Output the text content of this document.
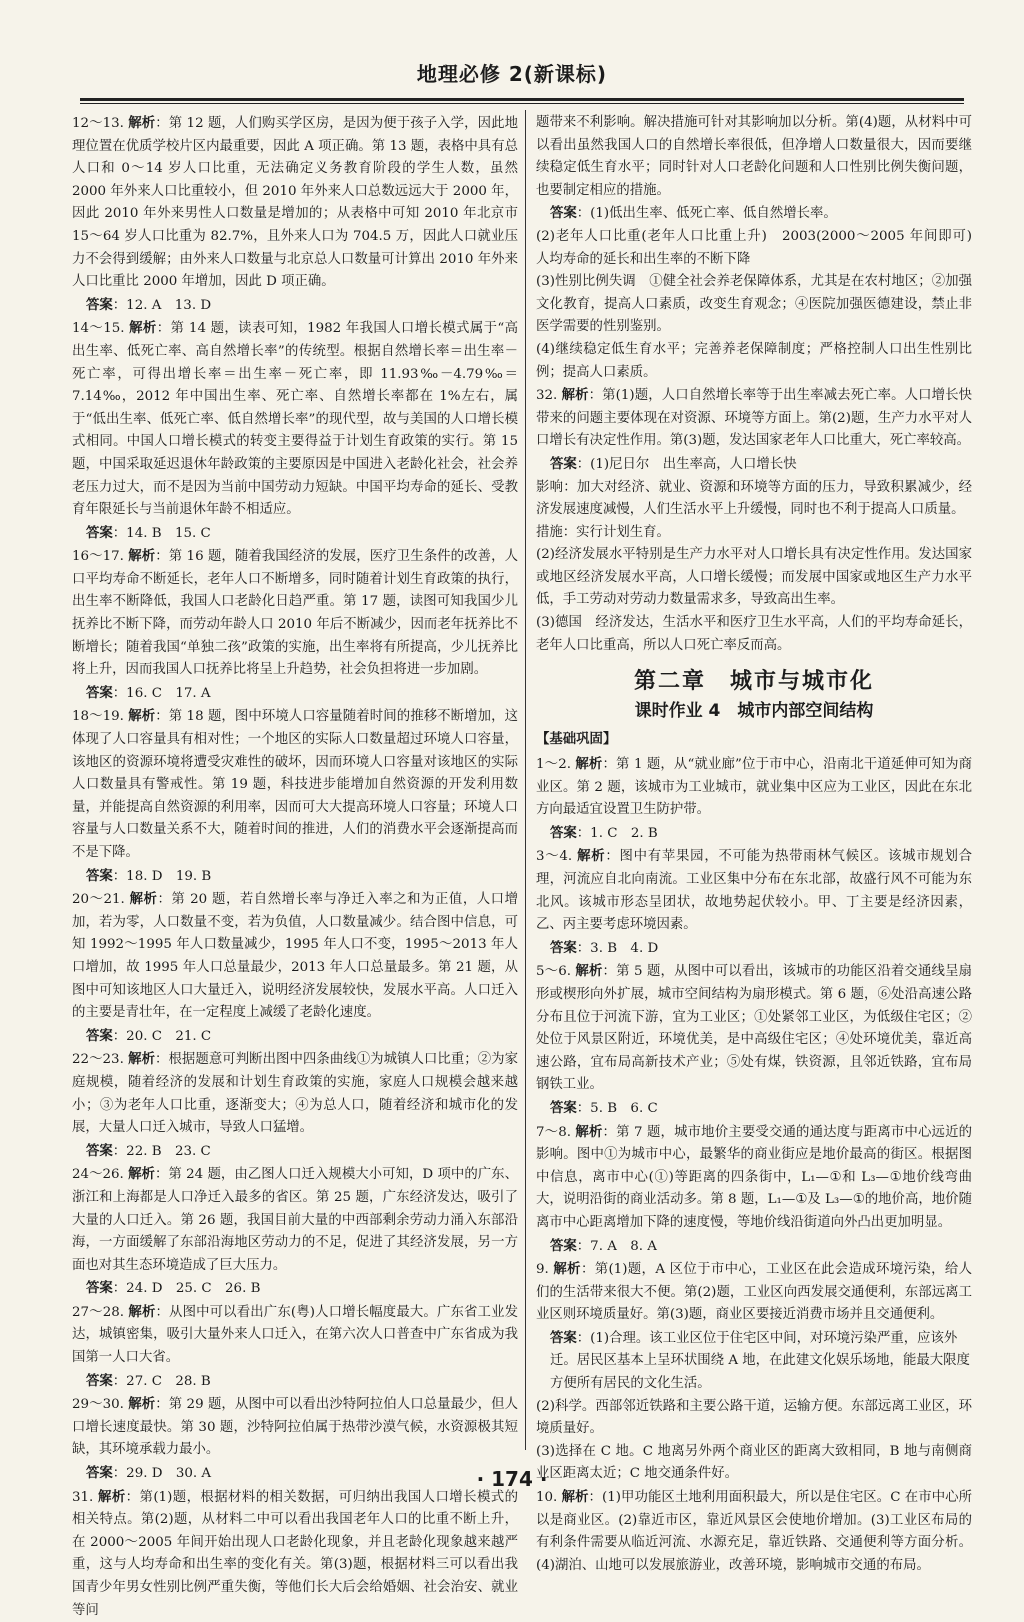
地理必修 2(新课标)

12～13. 解析：第 12 题，人们购买学区房，是因为便于孩子入学，因此地理位置在优质学校片区内最重要，因此 A 项正确。第 13 题，表格中具有总人口和 0～14 岁人口比重，无法确定义务教育阶段的学生人数，虽然 2000 年外来人口比重较小，但 2010 年外来人口总数远远大于 2000 年，因此 2010 年外来男性人口数量是增加的；从表格中可知 2010 年北京市 15～64 岁人口比重为 82.7%，且外来人口为 704.5 万，因此人口就业压力不会得到缓解；由外来人口数量与北京总人口数量可计算出 2010 年外来人口比重比 2000 年增加，因此 D 项正确。

答案：12. A　13. D

14～15. 解析：第 14 题，读表可知，1982 年我国人口增长模式属于“高出生率、低死亡率、高自然增长率”的传统型。根据自然增长率＝出生率－死亡率，可得出增长率＝出生率－死亡率，即 11.93‰－4.79‰＝7.14‰，2012 年中国出生率、死亡率、自然增长率都在 1%左右，属于“低出生率、低死亡率、低自然增长率”的现代型，故与美国的人口增长模式相同。中国人口增长模式的转变主要得益于计划生育政策的实行。第 15 题，中国采取延迟退休年龄政策的主要原因是中国进入老龄化社会，社会养老压力过大，而不是因为当前中国劳动力短缺。中国平均寿命的延长、受教育年限延长与当前退休年龄不相适应。

答案：14. B　15. C

16～17. 解析：第 16 题，随着我国经济的发展，医疗卫生条件的改善，人口平均寿命不断延长，老年人口不断增多，同时随着计划生育政策的执行，出生率不断降低，我国人口老龄化日趋严重。第 17 题，读图可知我国少儿抚养比不断下降，而劳动年龄人口 2010 年后不断减少，因而老年抚养比不断增长；随着我国“单独二孩”政策的实施，出生率将有所提高，少儿抚养比将上升，因而我国人口抚养比将呈上升趋势，社会负担将进一步加剧。

答案：16. C　17. A

18～19. 解析：第 18 题，图中环境人口容量随着时间的推移不断增加，这体现了人口容量具有相对性；一个地区的实际人口数量超过环境人口容量，该地区的资源环境将遭受灾难性的破坏，因而环境人口容量对该地区的实际人口数量具有警戒性。第 19 题，科技进步能增加自然资源的开发利用数量，并能提高自然资源的利用率，因而可大大提高环境人口容量；环境人口容量与人口数量关系不大，随着时间的推进，人们的消费水平会逐渐提高而不是下降。

答案：18. D　19. B

20～21. 解析：第 20 题，若自然增长率与净迁入率之和为正值，人口增加，若为零，人口数量不变，若为负值，人口数量减少。结合图中信息，可知 1992～1995 年人口数量减少，1995 年人口不变，1995～2013 年人口增加，故 1995 年人口总量最少，2013 年人口总量最多。第 21 题，从图中可知该地区人口大量迁入，说明经济发展较快，发展水平高。人口迁入的主要是青壮年，在一定程度上减缓了老龄化速度。

答案：20. C　21. C

22～23. 解析：根据题意可判断出图中四条曲线①为城镇人口比重；②为家庭规模，随着经济的发展和计划生育政策的实施，家庭人口规模会越来越小；③为老年人口比重，逐渐变大；④为总人口，随着经济和城市化的发展，大量人口迁入城市，导致人口猛增。

答案：22. B　23. C

24～26. 解析：第 24 题，由乙图人口迁入规模大小可知，D 项中的广东、浙江和上海都是人口净迁入最多的省区。第 25 题，广东经济发达，吸引了大量的人口迁入。第 26 题，我国目前大量的中西部剩余劳动力涌入东部沿海，一方面缓解了东部沿海地区劳动力的不足，促进了其经济发展，另一方面也对其生态环境造成了巨大压力。

答案：24. D　25. C　26. B

27～28. 解析：从图中可以看出广东(粤)人口增长幅度最大。广东省工业发达，城镇密集，吸引大量外来人口迁入，在第六次人口普查中广东省成为我国第一人口大省。

答案：27. C　28. B

29～30. 解析：第 29 题，从图中可以看出沙特阿拉伯人口总量最少，但人口增长速度最快。第 30 题，沙特阿拉伯属于热带沙漠气候，水资源极其短缺，其环境承载力最小。

答案：29. D　30. A

31. 解析：第(1)题，根据材料的相关数据，可归纳出我国人口增长模式的相关特点。第(2)题，从材料二中可以看出我国老年人口的比重不断上升，在 2000～2005 年间开始出现人口老龄化现象，并且老龄化现象越来越严重，这与人均寿命和出生率的变化有关。第(3)题，根据材料三可以看出我国青少年男女性别比例严重失衡，等他们长大后会给婚姻、社会治安、就业等问

题带来不利影响。解决措施可针对其影响加以分析。第(4)题，从材料中可以看出虽然我国人口的自然增长率很低，但净增人口数量很大，因而要继续稳定低生育水平；同时针对人口老龄化问题和人口性别比例失衡问题，也要制定相应的措施。

答案：(1)低出生率、低死亡率、低自然增长率。

(2)老年人口比重(老年人口比重上升)　2003(2000～2005 年间即可)　人均寿命的延长和出生率的不断下降

(3)性别比例失调　①健全社会养老保障体系，尤其是在农村地区；②加强文化教育，提高人口素质，改变生育观念；④医院加强医德建设，禁止非医学需要的性别鉴别。

(4)继续稳定低生育水平；完善养老保障制度；严格控制人口出生性别比例；提高人口素质。

32. 解析：第(1)题，人口自然增长率等于出生率减去死亡率。人口增长快带来的问题主要体现在对资源、环境等方面上。第(2)题，生产力水平对人口增长有决定性作用。第(3)题，发达国家老年人口比重大，死亡率较高。

答案：(1)尼日尔　出生率高，人口增长快

影响：加大对经济、就业、资源和环境等方面的压力，导致积累减少，经济发展速度减慢，人们生活水平上升缓慢，同时也不利于提高人口质量。

措施：实行计划生育。

(2)经济发展水平特别是生产力水平对人口增长具有决定性作用。发达国家或地区经济发展水平高，人口增长缓慢；而发展中国家或地区生产力水平低，手工劳动对劳动力数量需求多，导致高出生率。

(3)德国　经济发达，生活水平和医疗卫生水平高，人们的平均寿命延长，老年人口比重高，所以人口死亡率反而高。

第二章　城市与城市化
课时作业 4　城市内部空间结构
【基础巩固】

1～2. 解析：第 1 题，从“就业廊”位于市中心，沿南北干道延伸可知为商业区。第 2 题，该城市为工业城市，就业集中区应为工业区，因此在东北方向最适宜设置卫生防护带。

答案：1. C　2. B

3～4. 解析：图中有苹果园，不可能为热带雨林气候区。该城市规划合理，河流应自北向南流。工业区集中分布在东北部，故盛行风不可能为东北风。该城市形态呈团状，故地势起伏较小。甲、丁主要是经济因素，乙、丙主要考虑环境因素。

答案：3. B　4. D

5～6. 解析：第 5 题，从图中可以看出，该城市的功能区沿着交通线呈扇形或楔形向外扩展，城市空间结构为扇形模式。第 6 题，⑥处沿高速公路分布且位于河流下游，宜为工业区；①处紧邻工业区，为低级住宅区；②处位于风景区附近，环境优美，是中高级住宅区；④处环境优美，靠近高速公路，宜布局高新技术产业；⑤处有煤，铁资源，且邻近铁路，宜布局钢铁工业。

答案：5. B　6. C

7～8. 解析：第 7 题，城市地价主要受交通的通达度与距离市中心远近的影响。图中①为城市中心，最繁华的商业街应是地价最高的街区。根据图中信息，离市中心(①)等距离的四条街中，L₁—①和 L₃—①地价线弯曲大，说明沿街的商业活动多。第 8 题，L₁—①及 L₃—①的地价高，地价随离市中心距离增加下降的速度慢，等地价线沿街道向外凸出更加明显。

答案：7. A　8. A

9. 解析：第(1)题，A 区位于市中心，工业区在此会造成环境污染，给人们的生活带来很大不便。第(2)题，工业区向西发展交通便利，东部远离工业区则环境质量好。第(3)题，商业区要接近消费市场并且交通便利。

答案：(1)合理。该工业区位于住宅区中间，对环境污染严重，应该外迁。居民区基本上呈环状围绕 A 地，在此建文化娱乐场地，能最大限度方便所有居民的文化生活。

(2)科学。西部邻近铁路和主要公路干道，运输方便。东部远离工业区，环境质量好。

(3)选择在 C 地。C 地离另外两个商业区的距离大致相同，B 地与南侧商业区距离太近；C 地交通条件好。

10. 解析：(1)甲功能区土地利用面积最大，所以是住宅区。C 在市中心所以是商业区。(2)靠近市区，靠近风景区会使地价增加。(3)工业区布局的有利条件需要从临近河流、水源充足，靠近铁路、交通便利等方面分析。(4)湖泊、山地可以发展旅游业，改善环境，影响城市交通的布局。

· 174 ·
